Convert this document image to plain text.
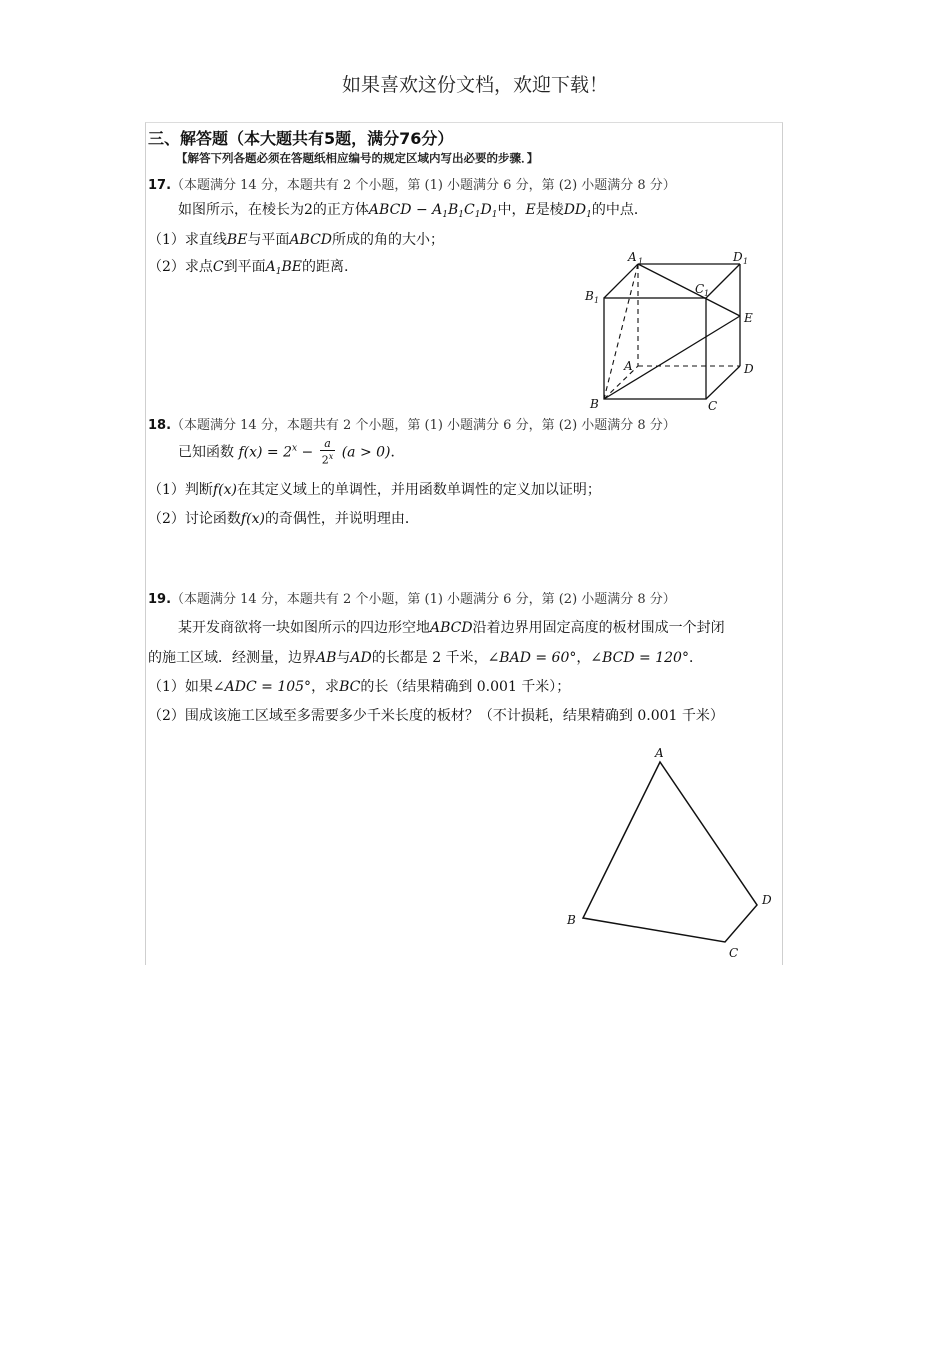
如果喜欢这份文档，欢迎下载！
三、解答题（本大题共有5题，满分76分）
【解答下列各题必须在答题纸相应编号的规定区域内写出必要的步骤．】
17.（本题满分 14 分，本题共有 2 个小题，第 (1) 小题满分 6 分，第 (2) 小题满分 8 分）
如图所示，在棱长为2的正方体ABCD − $A_1B_1C_1D_1$中，E是棱$DD_1$的中点．
（1）求直线BE与平面ABCD所成的角的大小；
（2）求点C到平面$A_1BE$的距离.
A 1	D 1
C 1
B 1
E
A	D
B	C
18.（本题满分 14 分，本题共有 2 个小题，第 (1) 小题满分 6 分，第 (2) 小题满分 8 分）
已知函数 $f(x) = 2^x - \frac{a}{2^x} (a > 0)$．
（1）判断f(x)在其定义域上的单调性，并用函数单调性的定义加以证明；
（2）讨论函数f(x)的奇偶性，并说明理由．
19.（本题满分 14 分，本题共有 2 个小题，第 (1) 小题满分 6 分，第 (2) 小题满分 8 分）
某开发商欲将一块如图所示的四边形空地ABCD沿着边界用固定高度的板材围成一个封闭
的施工区域．经测量，边界AB与AD的长都是 2 千米，∠BAD = 60°，∠BCD = 120°．
（1）如果∠ADC = 105°，求BC的长（结果精确到 0.001 千米）；
（2）围成该施工区域至多需要多少千米长度的板材？（不计损耗，结果精确到 0.001 千米）
A
B
C
D
